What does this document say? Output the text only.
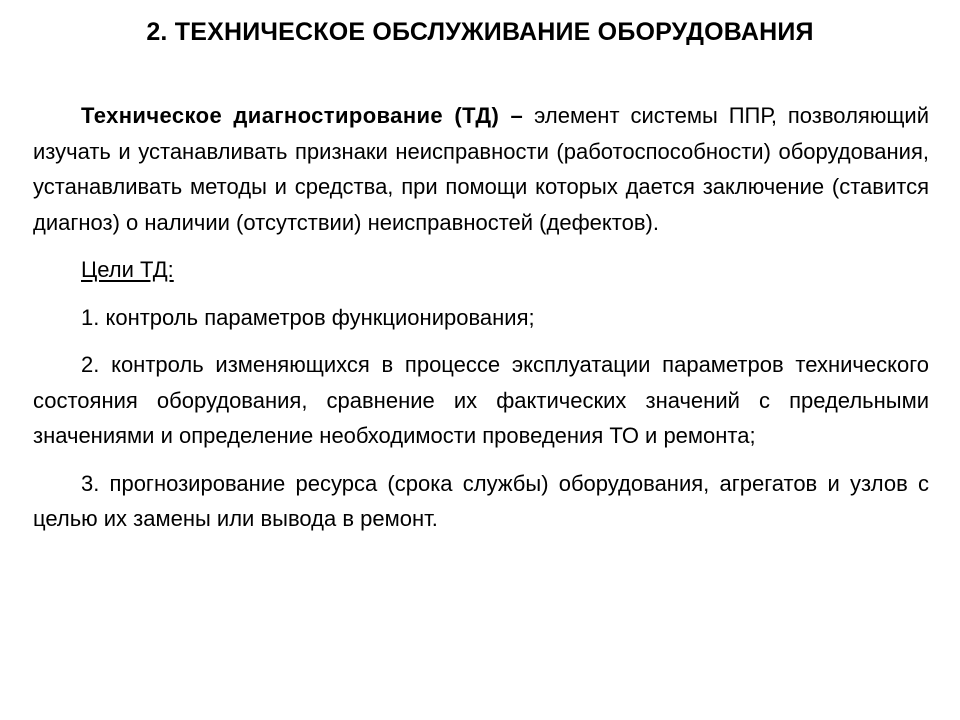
2. ТЕХНИЧЕСКОЕ ОБСЛУЖИВАНИЕ ОБОРУДОВАНИЯ

Техническое диагностирование (ТД) – элемент системы ППР, позволяющий изучать и устанавливать признаки неисправности (работоспособности) оборудования, устанавливать методы и средства, при помощи которых дается заключение (ставится диагноз) о наличии (отсутствии) неисправностей (дефектов).

Цели ТД:

1. контроль параметров функционирования;

2. контроль изменяющихся в процессе эксплуатации параметров технического состояния оборудования, сравнение их фактических значений с предельными значениями и определение необходимости проведения ТО и ремонта;

3. прогнозирование ресурса (срока службы) оборудования, агрегатов и узлов с целью их замены или вывода в ремонт.
